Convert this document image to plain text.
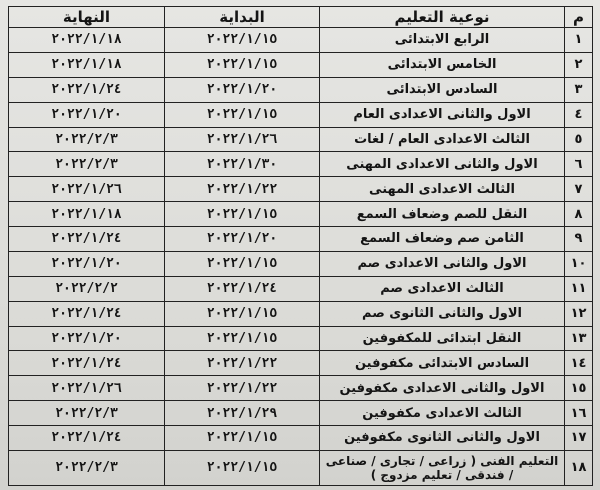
م	نوعية التعليم	البداية	النهاية
١	الرابع الابتدائى	٢٠٢٢/١/١٥	٢٠٢٢/١/١٨
٢	الخامس الابتدائى	٢٠٢٢/١/١٥	٢٠٢٢/١/١٨
٣	السادس الابتدائى	٢٠٢٢/١/٢٠	٢٠٢٢/١/٢٤
٤	الاول والثانى الاعدادى العام	٢٠٢٢/١/١٥	٢٠٢٢/١/٢٠
٥	الثالث الاعدادى العام / لغات	٢٠٢٢/١/٢٦	٢٠٢٢/٢/٣
٦	الاول والثانى الاعدادى المهنى	٢٠٢٢/١/٣٠	٢٠٢٢/٢/٣
٧	الثالث الاعدادى المهنى	٢٠٢٢/١/٢٢	٢٠٢٢/١/٢٦
٨	النقل للصم وضعاف السمع	٢٠٢٢/١/١٥	٢٠٢٢/١/١٨
٩	الثامن صم وضعاف السمع	٢٠٢٢/١/٢٠	٢٠٢٢/١/٢٤
١٠	الاول والثانى الاعدادى صم	٢٠٢٢/١/١٥	٢٠٢٢/١/٢٠
١١	الثالث الاعدادى صم	٢٠٢٢/١/٢٤	٢٠٢٢/٢/٢
١٢	الاول والثانى الثانوى صم	٢٠٢٢/١/١٥	٢٠٢٢/١/٢٤
١٣	النقل ابتدائى للمكفوفين	٢٠٢٢/١/١٥	٢٠٢٢/١/٢٠
١٤	السادس الابتدائى مكفوفين	٢٠٢٢/١/٢٢	٢٠٢٢/١/٢٤
١٥	الاول والثانى الاعدادى مكفوفين	٢٠٢٢/١/٢٢	٢٠٢٢/١/٢٦
١٦	الثالث الاعدادى مكفوفين	٢٠٢٢/١/٢٩	٢٠٢٢/٢/٣
١٧	الاول والثانى الثانوى مكفوفين	٢٠٢٢/١/١٥	٢٠٢٢/١/٢٤
١٨	التعليم الفنى ( زراعى / تجارى / صناعى / فندقى / تعليم مزدوج )	٢٠٢٢/١/١٥	٢٠٢٢/٢/٣
